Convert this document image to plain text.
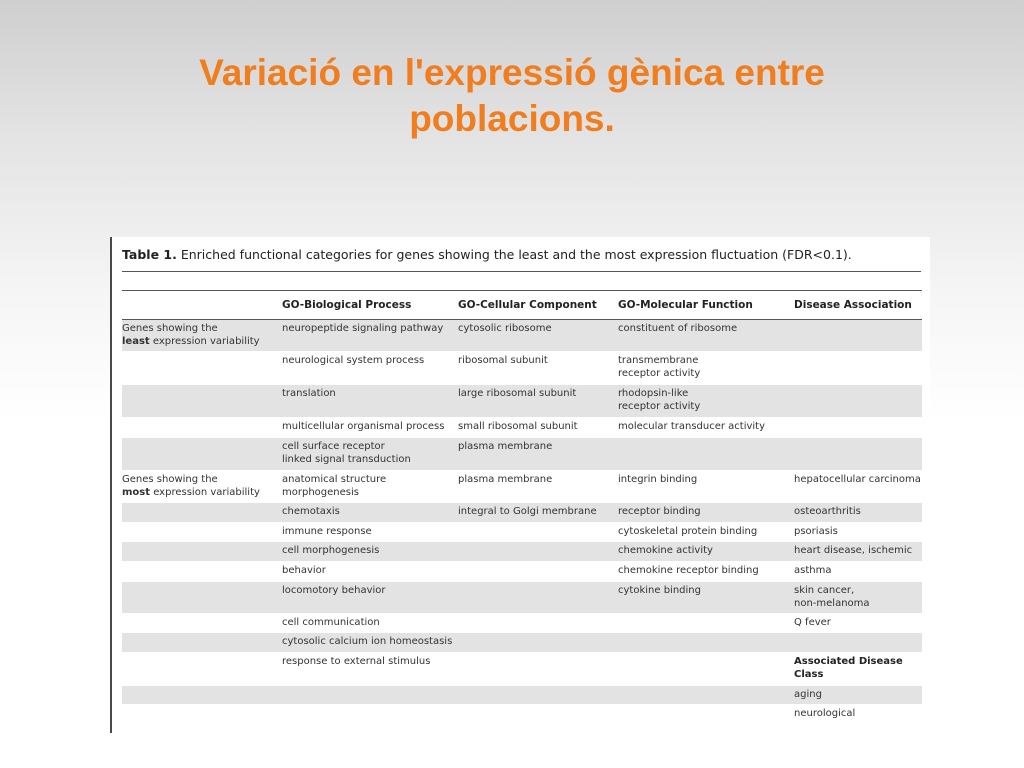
Variació en l'expressió gènica entre
poblacions.
Table 1. Enriched functional categories for genes showing the least and the most expression fluctuation (FDR<0.1).
	GO-Biological Process	GO-Cellular Component	GO-Molecular Function	Disease Association

Genes showing the
least expression variability	neuropeptide signaling pathway	cytosolic ribosome	constituent of ribosome	

	neurological system process	ribosomal subunit	transmembrane
receptor activity	

	translation	large ribosomal subunit	rhodopsin-like
receptor activity	

	multicellular organismal process	small ribosomal subunit	molecular transducer activity	

	cell surface receptor
linked signal transduction	plasma membrane		

Genes showing the
most expression variability	anatomical structure
morphogenesis	plasma membrane	integrin binding	hepatocellular carcinoma

	chemotaxis	integral to Golgi membrane	receptor binding	osteoarthritis

	immune response		cytoskeletal protein binding	psoriasis

	cell morphogenesis		chemokine activity	heart disease, ischemic

	behavior		chemokine receptor binding	asthma

	locomotory behavior		cytokine binding	skin cancer,
non-melanoma

	cell communication			Q fever

	cytosolic calcium ion homeostasis			

	response to external stimulus			Associated Disease
Class

				aging

				neurological
